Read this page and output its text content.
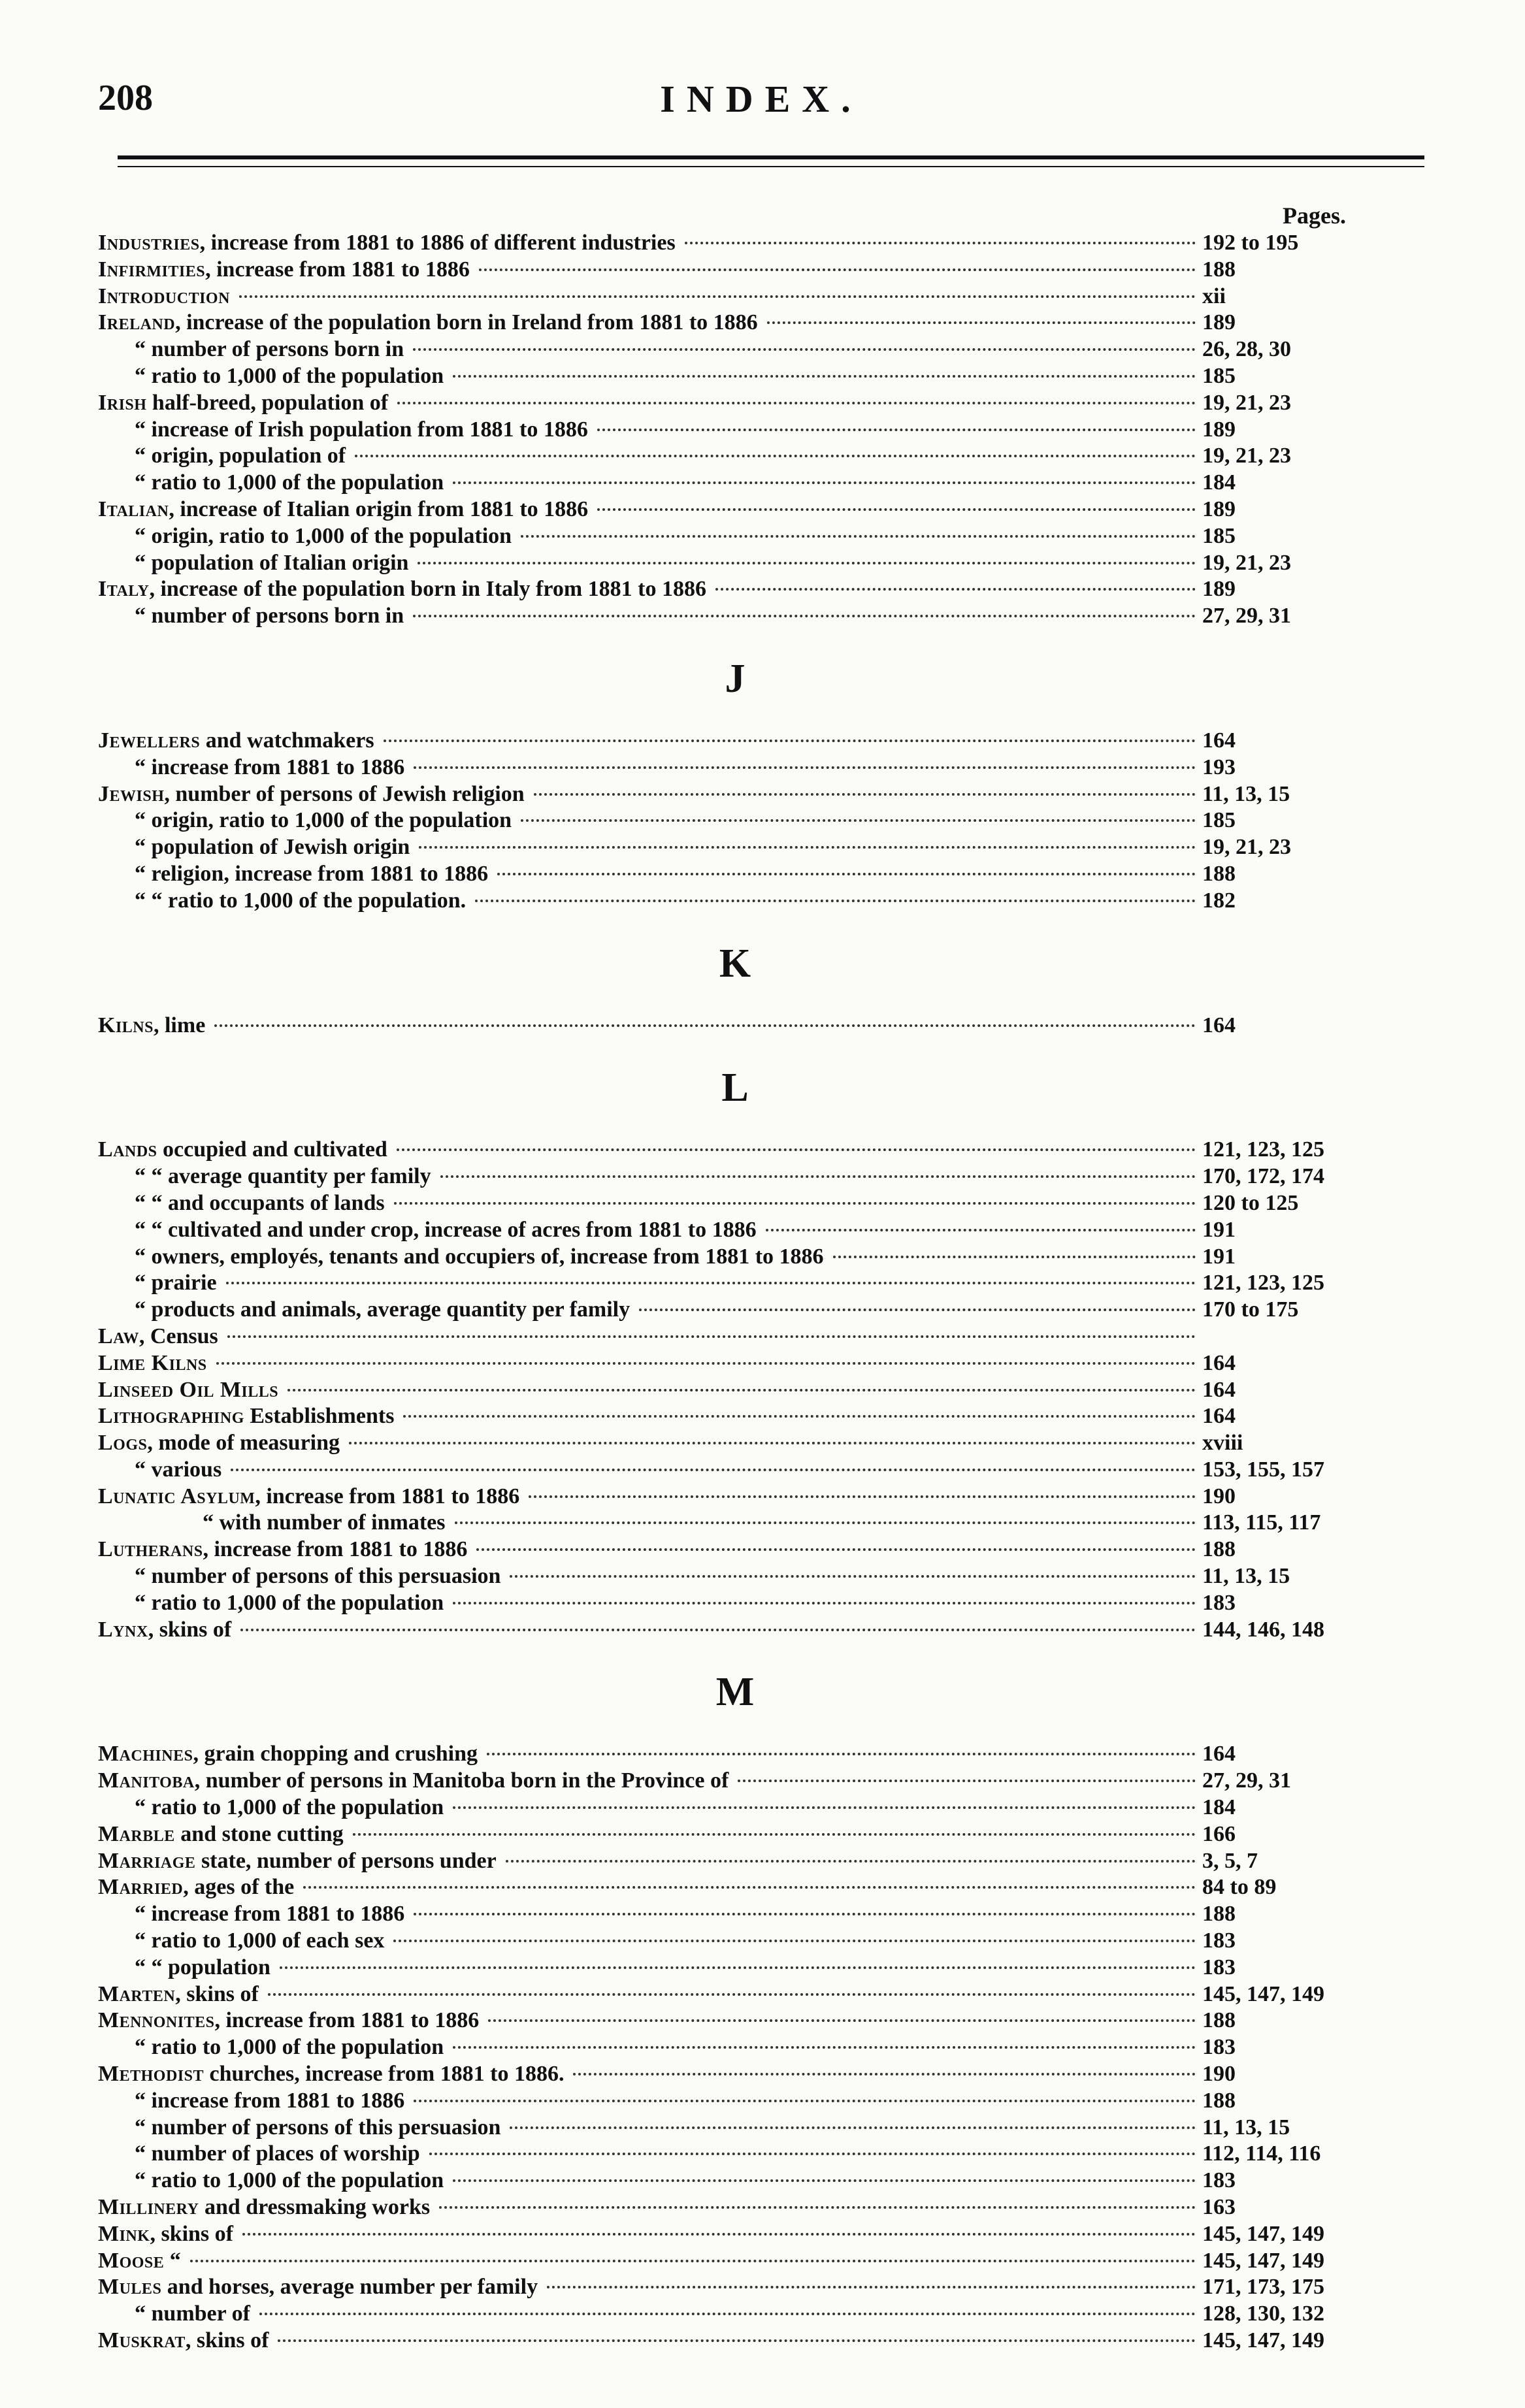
208	INDEX.
Pages.
Industries, increase from 1881 to 1886 of different industries	192 to 195
Infirmities, increase from 1881 to 1886	188
Introduction	xii
Ireland, increase of the population born in Ireland from 1881 to 1886	189
“ number of persons born in	26, 28, 30
“ ratio to 1,000 of the population	185
Irish half-breed, population of	19, 21, 23
“ increase of Irish population from 1881 to 1886	189
“ origin, population of	19, 21, 23
“ ratio to 1,000 of the population	184
Italian, increase of Italian origin from 1881 to 1886	189
“ origin, ratio to 1,000 of the population	185
“ population of Italian origin	19, 21, 23
Italy, increase of the population born in Italy from 1881 to 1886	189
“ number of persons born in	27, 29, 31
J
Jewellers and watchmakers	164
“ increase from 1881 to 1886	193
Jewish, number of persons of Jewish religion	11, 13, 15
“ origin, ratio to 1,000 of the population	185
“ population of Jewish origin	19, 21, 23
“ religion, increase from 1881 to 1886	188
“ “ ratio to 1,000 of the population.	182
K
Kilns, lime	164
L
Lands occupied and cultivated	121, 123, 125
“ “ average quantity per family	170, 172, 174
“ “ and occupants of lands	120 to 125
“ “ cultivated and under crop, increase of acres from 1881 to 1886	191
“ owners, employés, tenants and occupiers of, increase from 1881 to 1886	191
“ prairie	121, 123, 125
“ products and animals, average quantity per family	170 to 175
Law, Census
Lime Kilns	164
Linseed Oil Mills	164
Lithographing Establishments	164
Logs, mode of measuring	xviii
“ various	153, 155, 157
Lunatic Asylum, increase from 1881 to 1886	190
“ with number of inmates	113, 115, 117
Lutherans, increase from 1881 to 1886	188
“ number of persons of this persuasion	11, 13, 15
“ ratio to 1,000 of the population	183
Lynx, skins of	144, 146, 148
M
Machines, grain chopping and crushing	164
Manitoba, number of persons in Manitoba born in the Province of	27, 29, 31
“ ratio to 1,000 of the population	184
Marble and stone cutting	166
Marriage state, number of persons under	3, 5, 7
Married, ages of the	84 to 89
“ increase from 1881 to 1886	188
“ ratio to 1,000 of each sex	183
“ “ population	183
Marten, skins of	145, 147, 149
Mennonites, increase from 1881 to 1886	188
“ ratio to 1,000 of the population	183
Methodist churches, increase from 1881 to 1886.	190
“ increase from 1881 to 1886	188
“ number of persons of this persuasion	11, 13, 15
“ number of places of worship	112, 114, 116
“ ratio to 1,000 of the population	183
Millinery and dressmaking works	163
Mink, skins of	145, 147, 149
Moose “	145, 147, 149
Mules and horses, average number per family	171, 173, 175
“ number of	128, 130, 132
Muskrat, skins of	145, 147, 149
